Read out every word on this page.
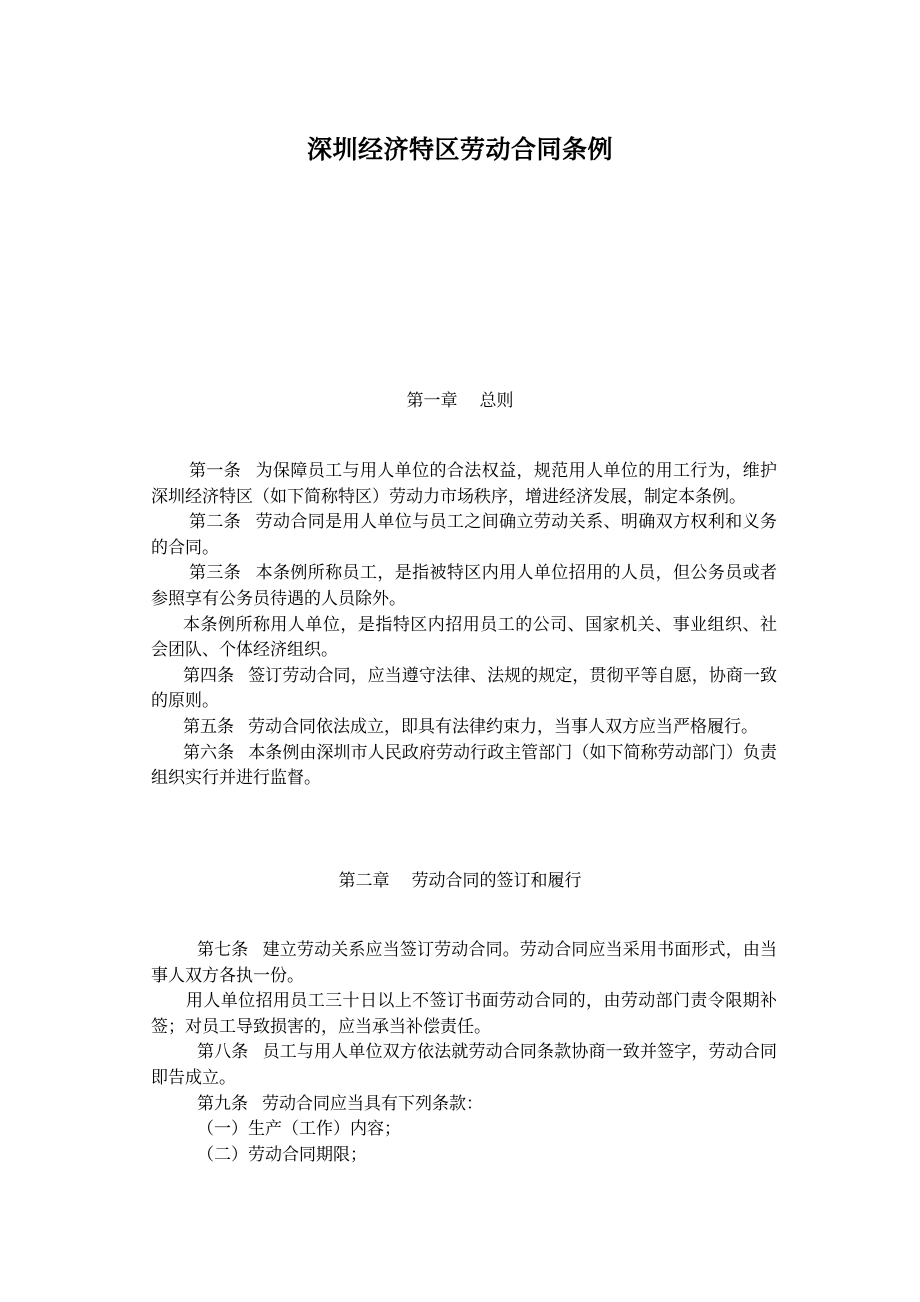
深圳经济特区劳动合同条例
第一章 总则

第一条 为保障员工与用人单位的合法权益，规范用人单位的用工行为，维护深圳经济特区（如下简称特区）劳动力市场秩序，增进经济发展，制定本条例。

第二条 劳动合同是用人单位与员工之间确立劳动关系、明确双方权利和义务的合同。

第三条 本条例所称员工，是指被特区内用人单位招用的人员，但公务员或者参照享有公务员待遇的人员除外。

本条例所称用人单位，是指特区内招用员工的公司、国家机关、事业组织、社会团队、个体经济组织。

第四条 签订劳动合同，应当遵守法律、法规的规定，贯彻平等自愿，协商一致的原则。

第五条 劳动合同依法成立，即具有法律约束力，当事人双方应当严格履行。

第六条 本条例由深圳市人民政府劳动行政主管部门（如下简称劳动部门）负责组织实行并进行监督。

第二章 劳动合同的签订和履行

第七条 建立劳动关系应当签订劳动合同。劳动合同应当采用书面形式，由当事人双方各执一份。

用人单位招用员工三十日以上不签订书面劳动合同的，由劳动部门责令限期补签；对员工导致损害的，应当承当补偿责任。

第八条 员工与用人单位双方依法就劳动合同条款协商一致并签字，劳动合同即告成立。

第九条 劳动合同应当具有下列条款：

（一）生产（工作）内容；

（二）劳动合同期限；
